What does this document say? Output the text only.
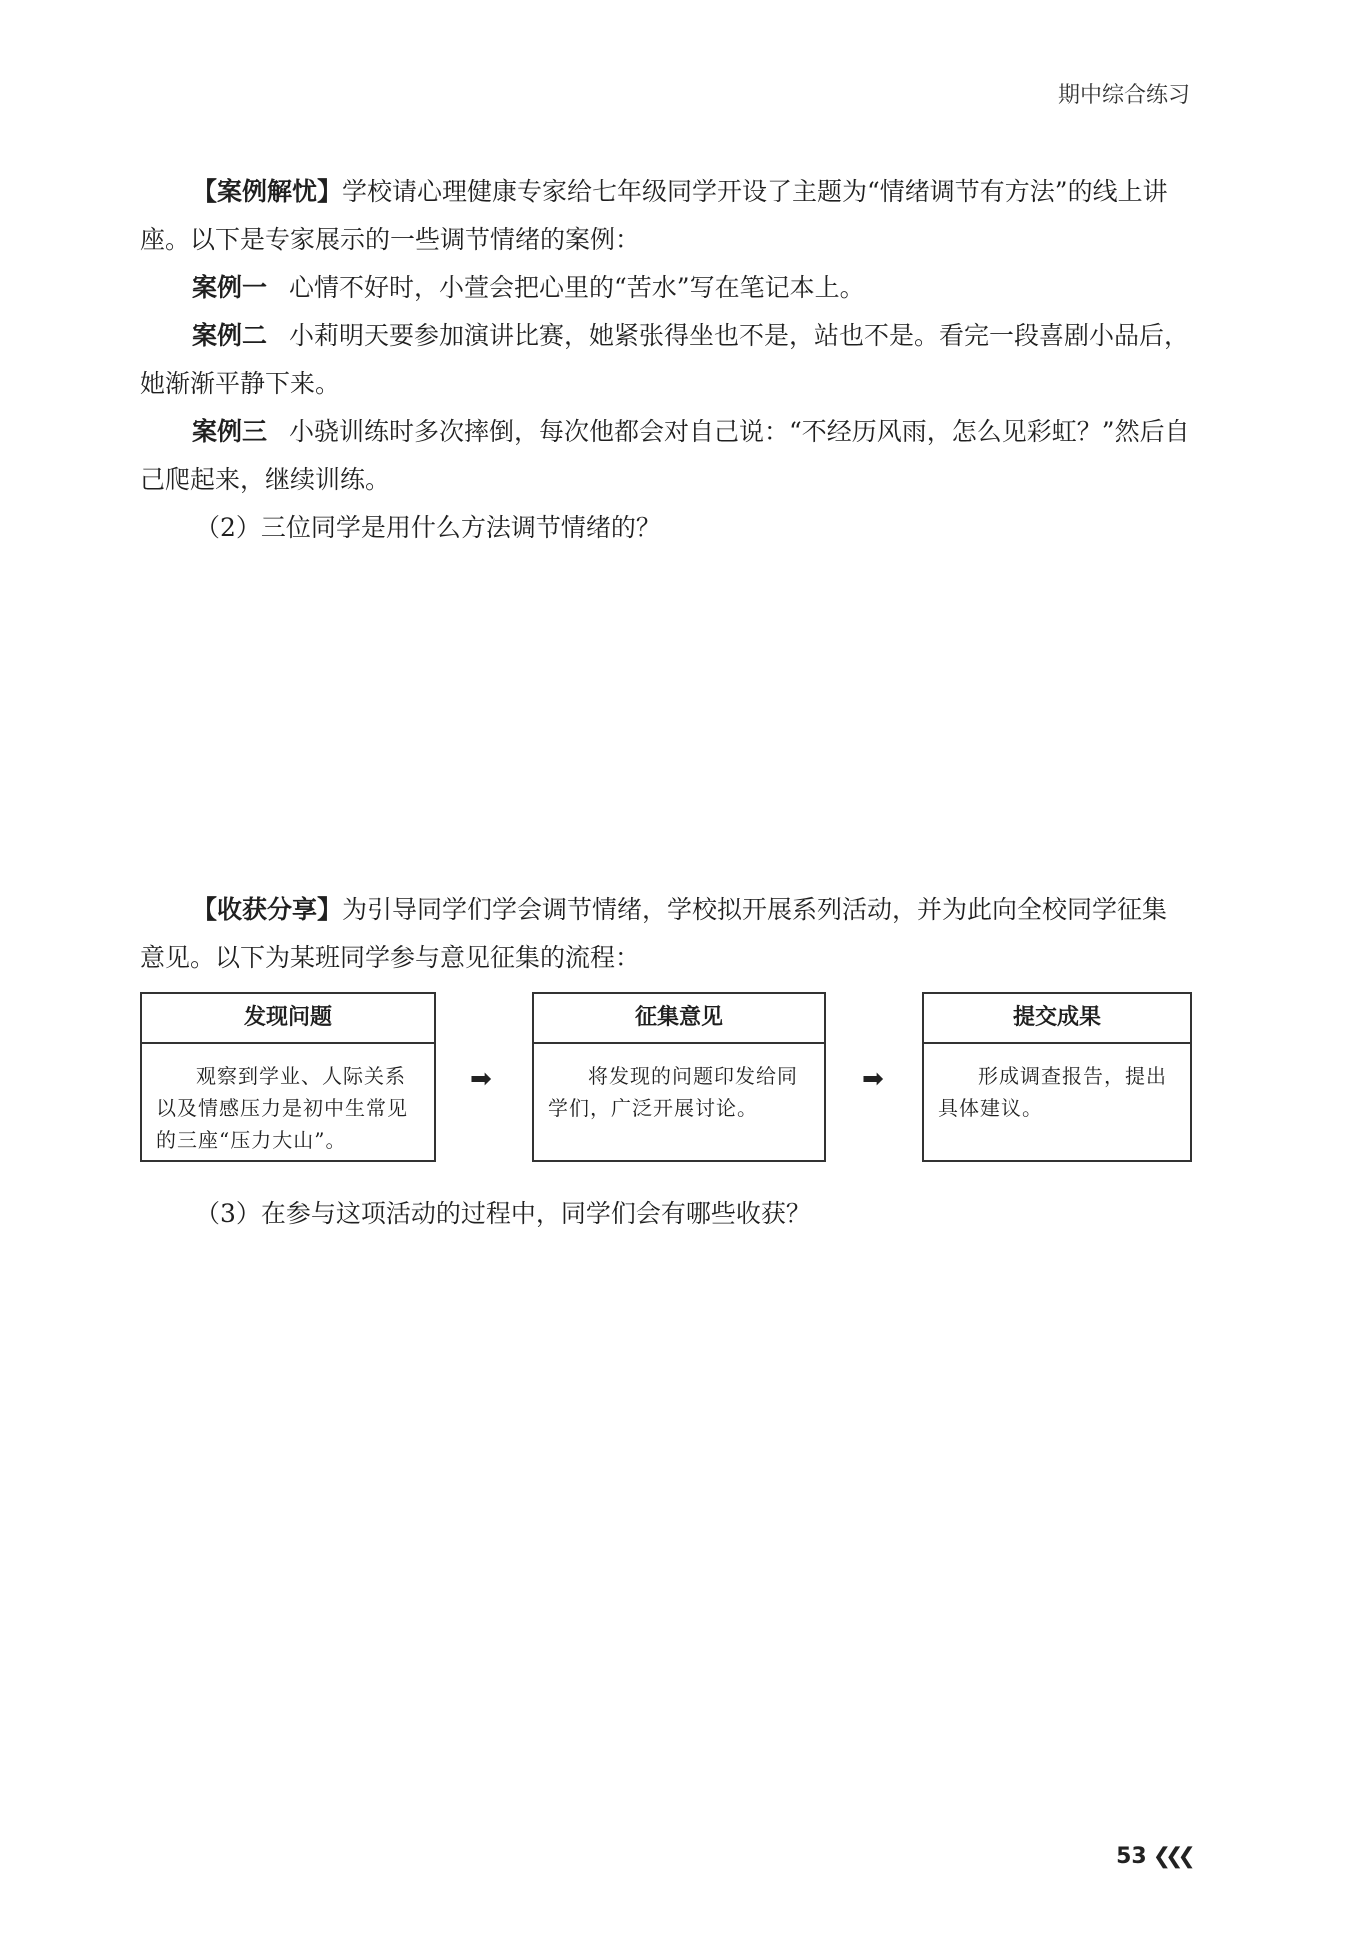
期中综合练习
【案例解忧】学校请心理健康专家给七年级同学开设了主题为“情绪调节有方法”的线上讲座。以下是专家展示的一些调节情绪的案例：
案例一 心情不好时，小萱会把心里的“苦水”写在笔记本上。
案例二 小莉明天要参加演讲比赛，她紧张得坐也不是，站也不是。看完一段喜剧小品后，她渐渐平静下来。
案例三 小骁训练时多次摔倒，每次他都会对自己说：“不经历风雨，怎么见彩虹？”然后自己爬起来，继续训练。
（2）三位同学是用什么方法调节情绪的？
【收获分享】为引导同学们学会调节情绪，学校拟开展系列活动，并为此向全校同学征集意见。以下为某班同学参与意见征集的流程：
发现问题
观察到学业、人际关系以及情感压力是初中生常见的三座“压力大山”。
➡
征集意见
将发现的问题印发给同学们，广泛开展讨论。
➡
提交成果
形成调查报告，提出具体建议。
（3）在参与这项活动的过程中，同学们会有哪些收获？
53 ❮❮❮
